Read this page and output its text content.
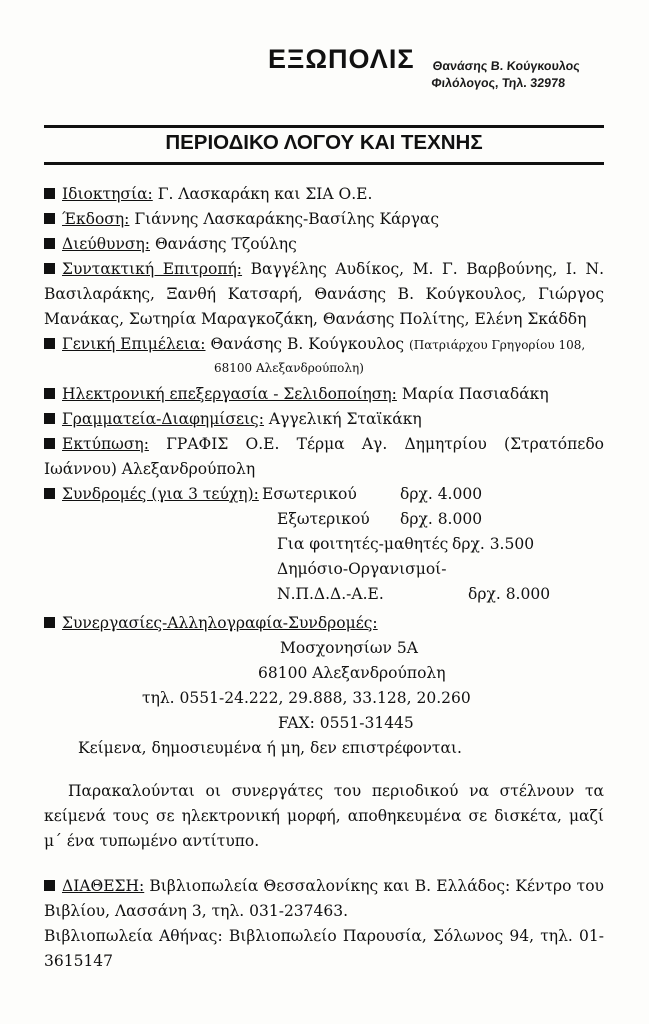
ΕΞΩΠΟΛΙΣ Θανάσης Β. Κούγκουλος
Φιλόλογος, Τηλ. 32978
ΠΕΡΙΟΔΙΚΟ ΛΟΓΟΥ ΚΑΙ ΤΕΧΝΗΣ
Ιδιοκτησία: Γ. Λασκαράκη και ΣΙΑ Ο.Ε.
Έκδοση: Γιάννης Λασκαράκης-Βασίλης Κάργας
Διεύθυνση: Θανάσης Τζούλης
Συντακτική Επιτροπή: Βαγγέλης Αυδίκος, Μ. Γ. Βαρβούνης, Ι. Ν. Βασιλαράκης, Ξανθή Κατσαρή, Θανάσης Β. Κούγκουλος, Γιώργος Μανάκας, Σωτηρία Μαραγκοζάκη, Θανάσης Πολίτης, Ελένη Σκάδδη
Γενική Επιμέλεια: Θανάσης Β. Κούγκουλος (Πατριάρχου Γρηγορίου 108,
68100 Αλεξανδρούπολη)
Ηλεκτρονική επεξεργασία - Σελιδοποίηση: Μαρία Πασιαδάκη
Γραμματεία-Διαφημίσεις: Αγγελική Σταϊκάκη
Εκτύπωση: ΓΡΑΦΙΣ Ο.Ε. Τέρμα Αγ. Δημητρίου (Στρατόπεδο Ιωάννου) Αλεξανδρούπολη
Συνδρομές (για 3 τεύχη): Εσωτερικού	δρχ. 4.000
Εξωτερικού δρχ. 8.000
Για φοιτητές-μαθητές δρχ. 3.500
Δημόσιο-Οργανισμοί-
Ν.Π.Δ.Δ.-Α.Ε.	δρχ. 8.000
Συνεργασίες-Αλληλογραφία-Συνδρομές:
Μοσχονησίων 5Α
68100 Αλεξανδρούπολη
τηλ. 0551-24.222, 29.888, 33.128, 20.260
FAX: 0551-31445
Κείμενα, δημοσιευμένα ή μη, δεν επιστρέφονται.
Παρακαλούνται οι συνεργάτες του περιοδικού να στέλνουν τα κείμενά τους σε ηλεκτρονική μορφή, αποθηκευμένα σε δισκέτα, μαζί μ΄ ένα τυπωμένο αντίτυπο.
ΔΙΑΘΕΣΗ: Βιβλιοπωλεία Θεσσαλονίκης και Β. Ελλάδος: Κέντρο του Βιβλίου, Λασσάνη 3, τηλ. 031-237463.
Βιβλιοπωλεία Αθήνας: Βιβλιοπωλείο Παρουσία, Σόλωνος 94, τηλ. 01-3615147
